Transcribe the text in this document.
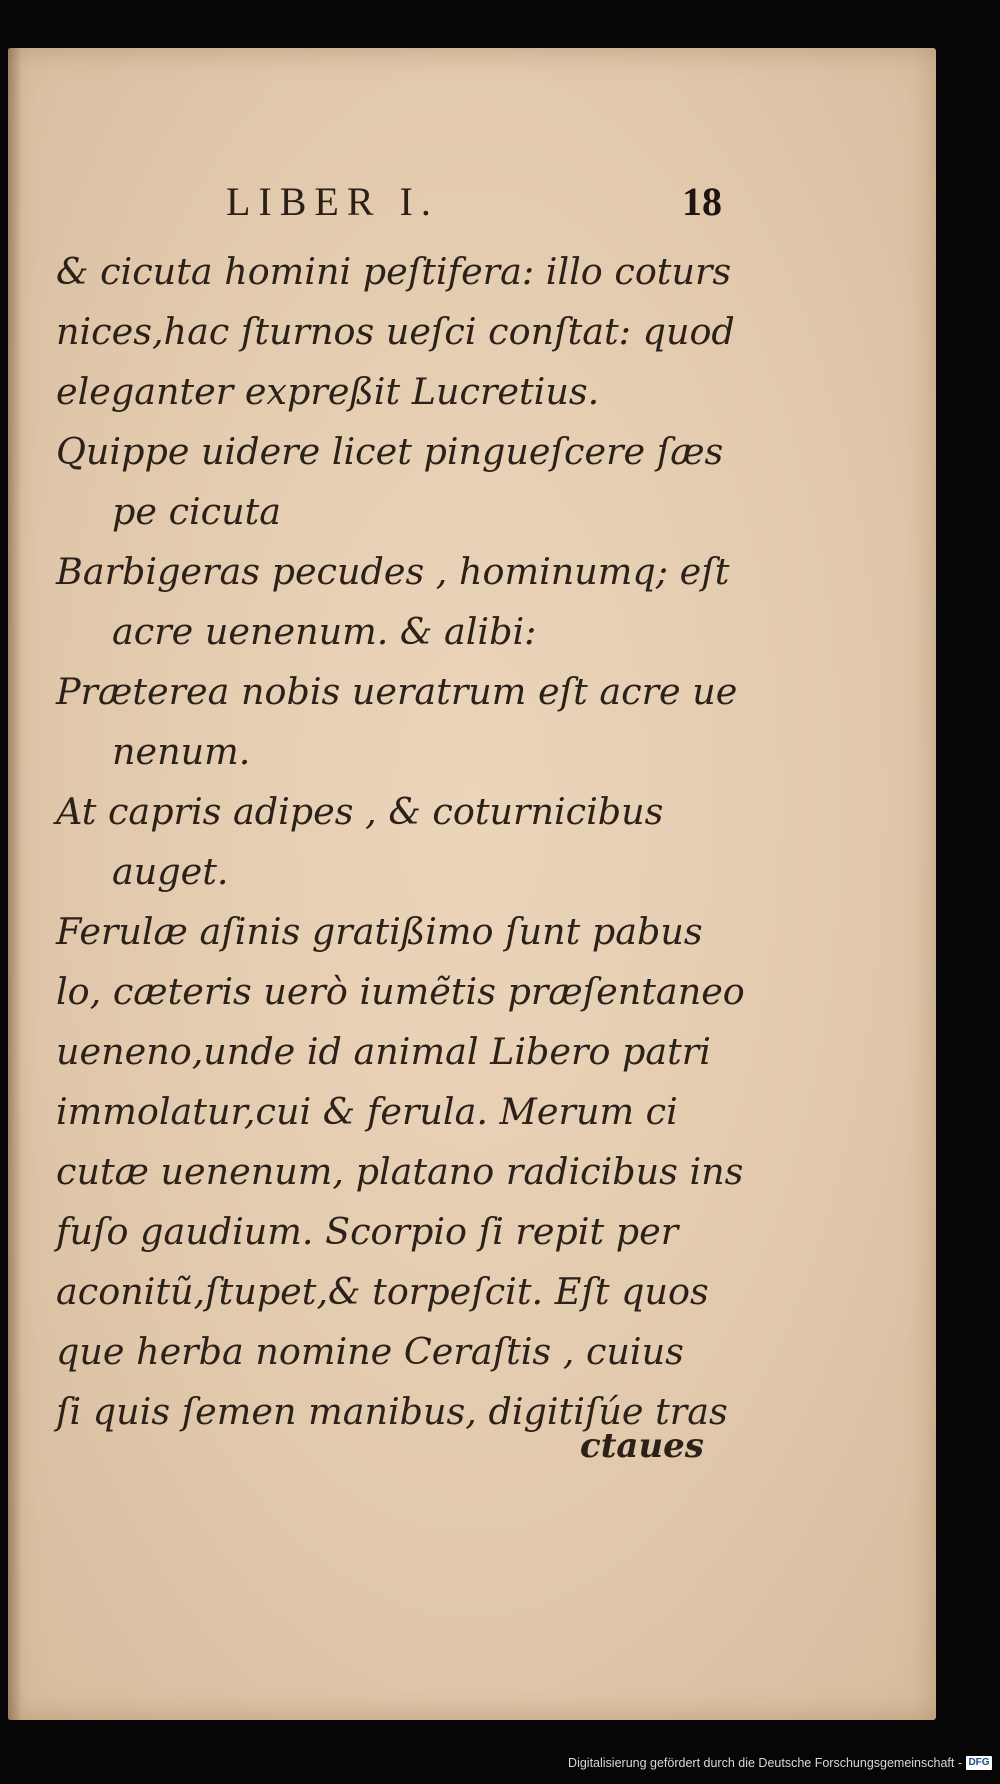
LIBER I.	18
& cicuta homini peſtifera: illo coturs
nices,hac ſturnos ueſci conſtat: quod
eleganter expreßit Lucretius.
Quippe uidere licet pingueſcere ſæs
pe cicuta
Barbigeras pecudes , hominumq; eſt
acre uenenum. & alibi:
Præterea nobis ueratrum eſt acre ue
nenum.
At capris adipes , & coturnicibus
auget.
Ferulæ aſinis gratißimo ſunt pabus
lo, cæteris uerò iumẽtis præſentaneo
ueneno,unde id animal Libero patri
immolatur,cui & ferula. Merum ci
cutæ uenenum, platano radicibus ins
fuſo gaudium. Scorpio ſi repit per
aconitũ,ſtupet,& torpeſcit. Eſt quos
que herba nomine Ceraſtis , cuius
ſi quis ſemen manibus, digitiſúe tras
ctaues
Digitalisierung gefördert durch die Deutsche Forschungsgemeinschaft - DFG
